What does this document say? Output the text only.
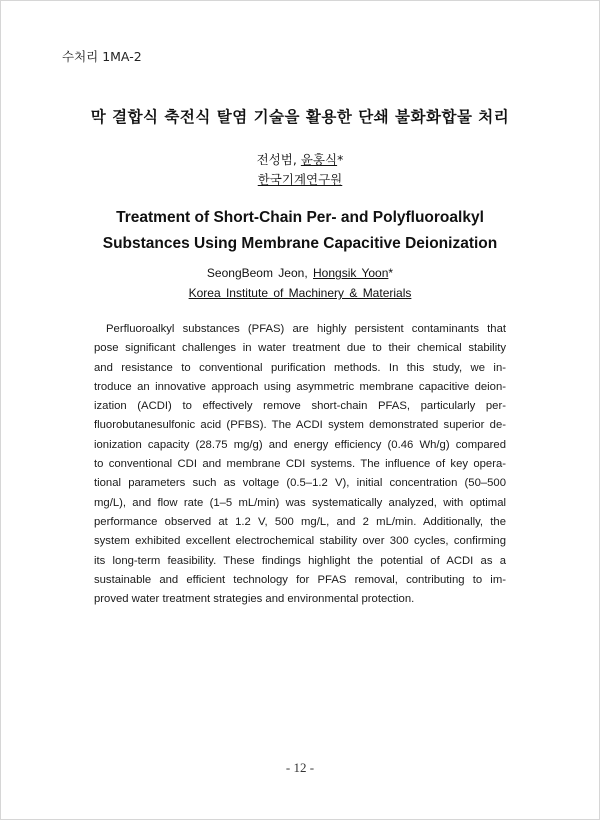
수처리 1MA-2
막 결합식 축전식 탈염 기술을 활용한 단쇄 불화화합물 처리
전성범, 윤홍식*
한국기계연구원
Treatment of Short-Chain Per- and Polyfluoroalkyl
Substances Using Membrane Capacitive Deionization
SeongBeom Jeon, Hongsik Yoon*
Korea Institute of Machinery & Materials
Perfluoroalkyl substances (PFAS) are highly persistent contaminants that
pose significant challenges in water treatment due to their chemical stability
and resistance to conventional purification methods. In this study, we in-
troduce an innovative approach using asymmetric membrane capacitive deion-
ization (ACDI) to effectively remove short-chain PFAS, particularly per-
fluorobutanesulfonic acid (PFBS). The ACDI system demonstrated superior de-
ionization capacity (28.75 mg/g) and energy efficiency (0.46 Wh/g) compared
to conventional CDI and membrane CDI systems. The influence of key opera-
tional parameters such as voltage (0.5–1.2 V), initial concentration (50–500
mg/L), and flow rate (1–5 mL/min) was systematically analyzed, with optimal
performance observed at 1.2 V, 500 mg/L, and 2 mL/min. Additionally, the
system exhibited excellent electrochemical stability over 300 cycles, confirming
its long-term feasibility. These findings highlight the potential of ACDI as a
sustainable and efficient technology for PFAS removal, contributing to im-
proved water treatment strategies and environmental protection.
- 12 -
